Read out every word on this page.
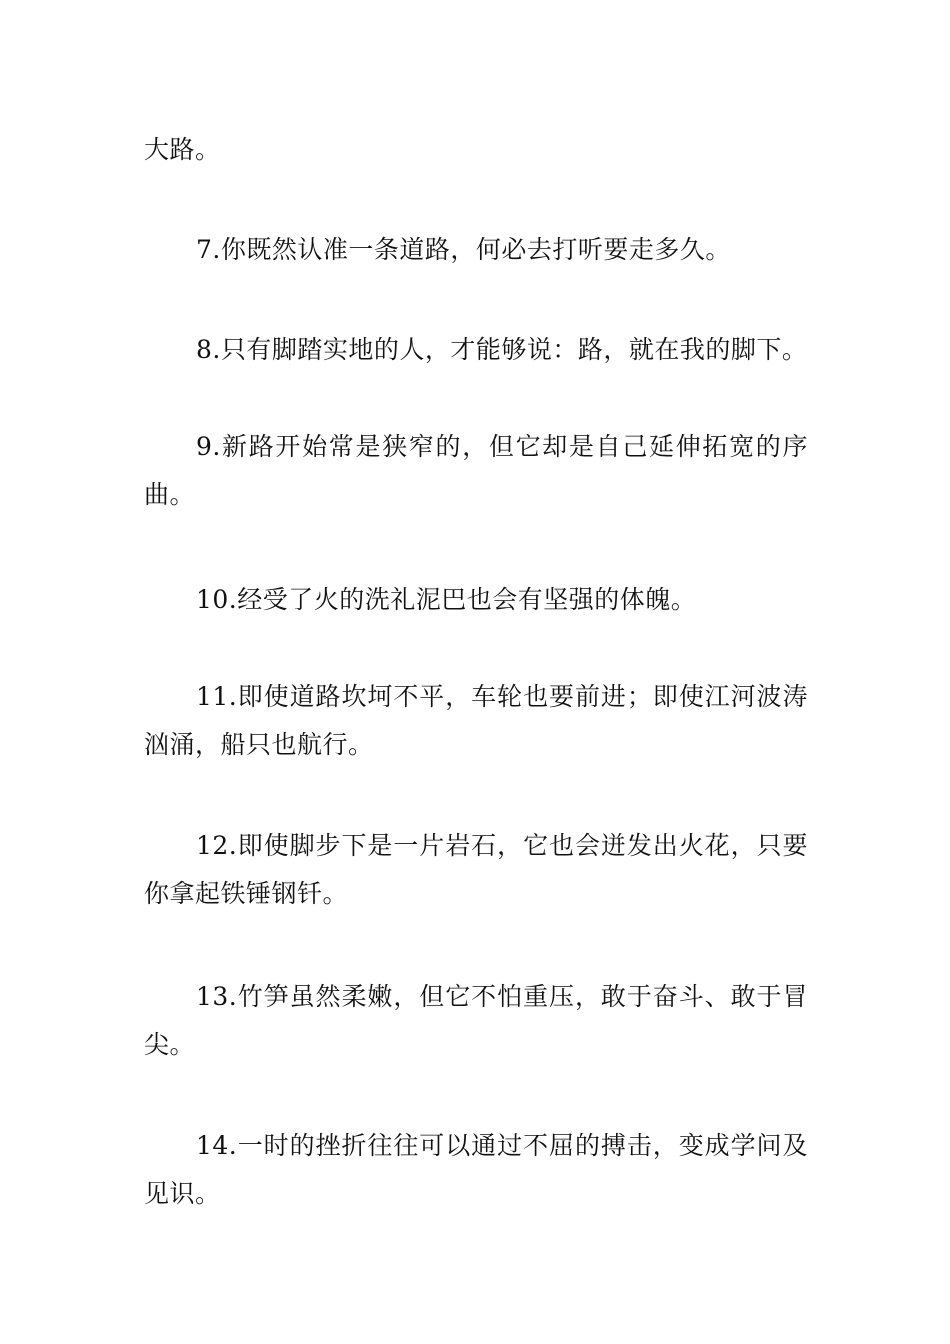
大路。

7.你既然认准一条道路，何必去打听要走多久。

8.只有脚踏实地的人，才能够说：路，就在我的脚下。

9.新路开始常是狭窄的，但它却是自己延伸拓宽的序曲。

10.经受了火的洗礼泥巴也会有坚强的体魄。

11.即使道路坎坷不平，车轮也要前进；即使江河波涛汹涌，船只也航行。

12.即使脚步下是一片岩石，它也会迸发出火花，只要你拿起铁锤钢钎。

13.竹笋虽然柔嫩，但它不怕重压，敢于奋斗、敢于冒尖。

14.一时的挫折往往可以通过不屈的搏击，变成学问及见识。
